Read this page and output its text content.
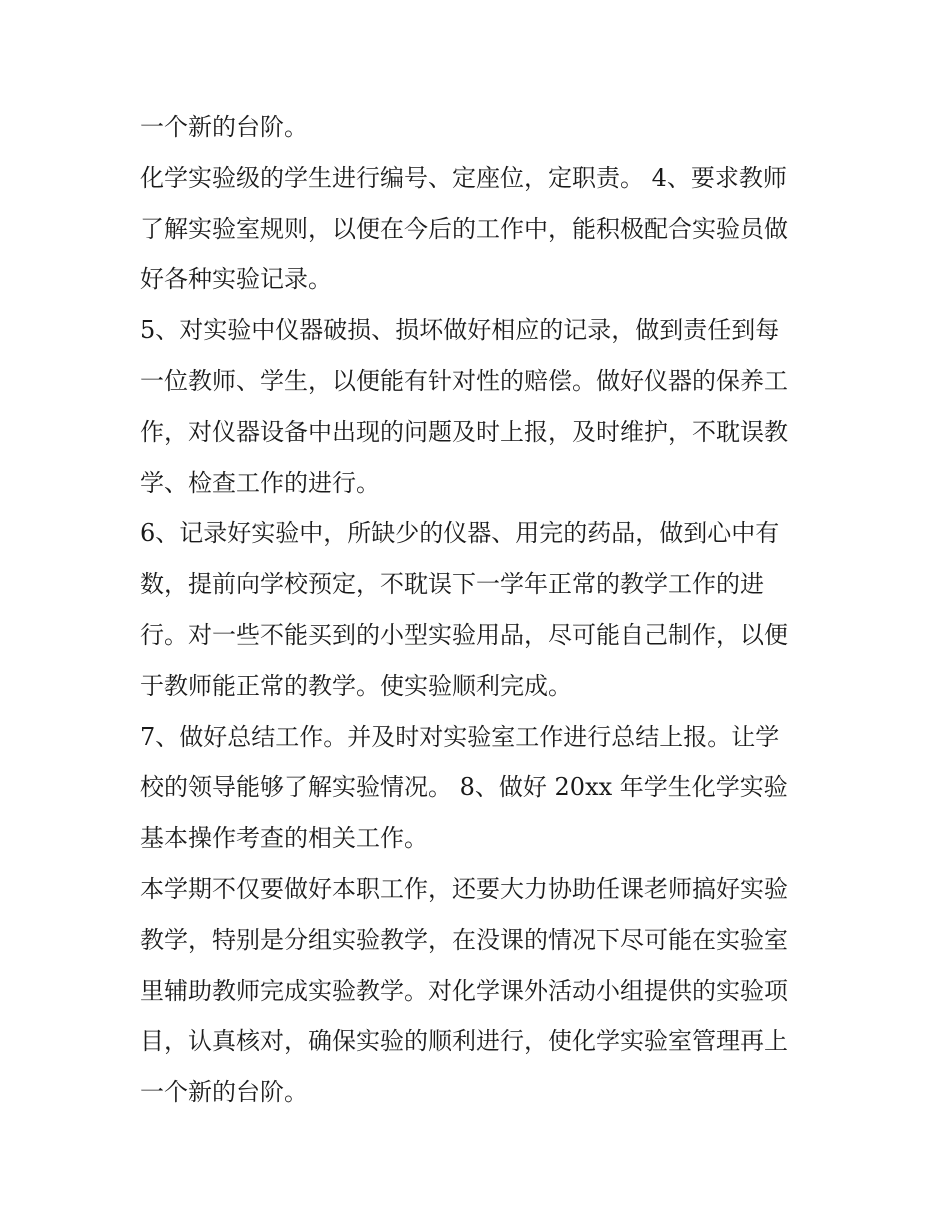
一个新的台阶。

化学实验级的学生进行编号、定座位，定职责。 4、要求教师
了解实验室规则，以便在今后的工作中，能积极配合实验员做
好各种实验记录。

5、对实验中仪器破损、损坏做好相应的记录，做到责任到每
一位教师、学生，以便能有针对性的赔偿。做好仪器的保养工
作，对仪器设备中出现的问题及时上报，及时维护，不耽误教
学、检查工作的进行。

6、记录好实验中，所缺少的仪器、用完的药品，做到心中有
数，提前向学校预定，不耽误下一学年正常的教学工作的进
行。对一些不能买到的小型实验用品，尽可能自己制作，以便
于教师能正常的教学。使实验顺利完成。

7、做好总结工作。并及时对实验室工作进行总结上报。让学
校的领导能够了解实验情况。 8、做好 20xx 年学生化学实验
基本操作考查的相关工作。

本学期不仅要做好本职工作，还要大力协助任课老师搞好实验
教学，特别是分组实验教学，在没课的情况下尽可能在实验室
里辅助教师完成实验教学。对化学课外活动小组提供的实验项
目，认真核对，确保实验的顺利进行，使化学实验室管理再上
一个新的台阶。
